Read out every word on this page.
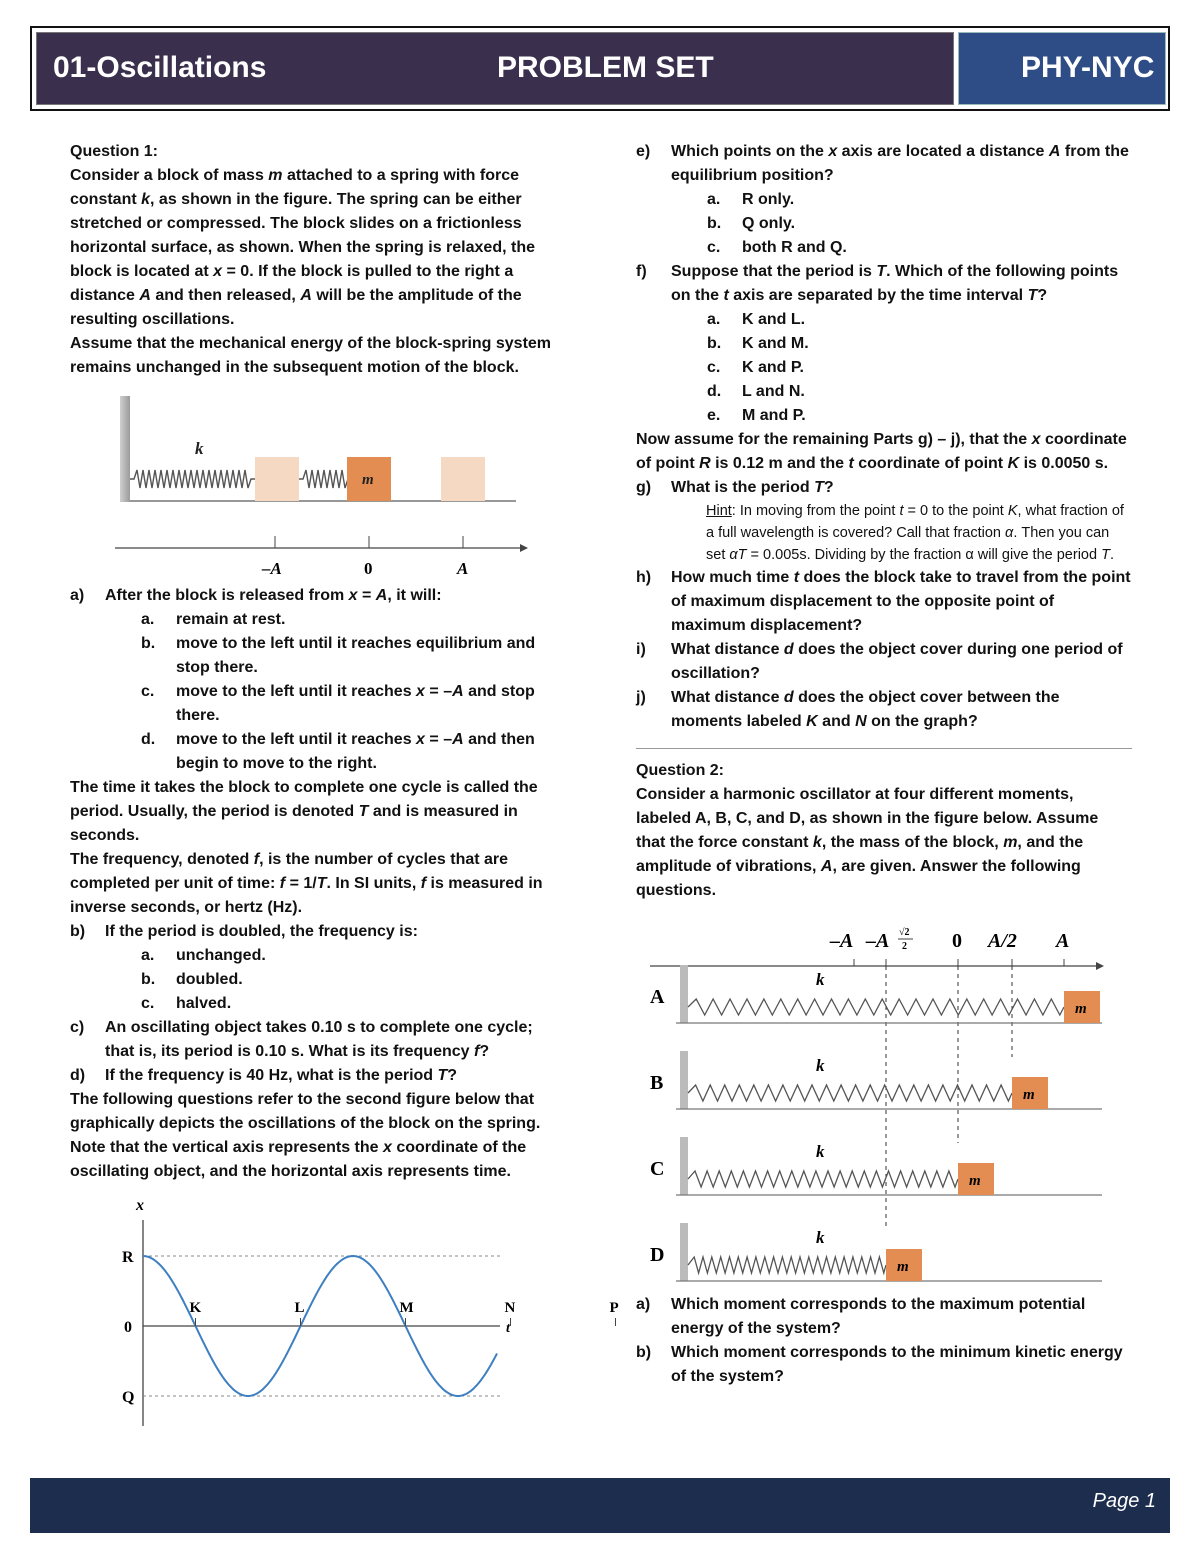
01-Oscillations	PROBLEM SET	PHY-NYC

Question 1:

Consider a block of mass m attached to a spring with force constant k, as shown in the figure. The spring can be either stretched or compressed. The block slides on a frictionless horizontal surface, as shown. When the spring is relaxed, the block is located at x = 0. If the block is pulled to the right a distance A and then released, A will be the amplitude of the resulting oscillations.

Assume that the mechanical energy of the block-spring system remains unchanged in the subsequent motion of the block.

m
k
–A	0	A
a) After the block is released from x = A, it will:
a. remain at rest.
b. move to the left until it reaches equilibrium and stop there.
c. move to the left until it reaches x = –A and stop there.
d. move to the left until it reaches x = –A and then begin to move to the right.

The time it takes the block to complete one cycle is called the period. Usually, the period is denoted T and is measured in seconds.

The frequency, denoted f, is the number of cycles that are completed per unit of time: f = 1/T. In SI units, f is measured in inverse seconds, or hertz (Hz).

b) If the period is doubled, the frequency is:
a. unchanged.
b. doubled.
c. halved.
c) An oscillating object takes 0.10 s to complete one cycle; that is, its period is 0.10 s. What is its frequency f?
d) If the frequency is 40 Hz, what is the period T?

The following questions refer to the second figure below that graphically depicts the oscillations of the block on the spring. Note that the vertical axis represents the x coordinate of the oscillating object, and the horizontal axis represents time.

x
t
R
0
Q
K	L	M	N	P
e) Which points on the x axis are located a distance A from the equilibrium position?
a. R only.
b. Q only.
c. both R and Q.
f) Suppose that the period is T. Which of the following points on the t axis are separated by the time interval T?
a. K and L.
b. K and M.
c. K and P.
d. L and N.
e. M and P.

Now assume for the remaining Parts g) – j), that the x coordinate of point R is 0.12 m and the t coordinate of point K is 0.0050 s.

g) What is the period T?
Hint: In moving from the point t = 0 to the point K, what fraction of a full wavelength is covered? Call that fraction α. Then you can set αT = 0.005s. Dividing by the fraction α will give the period T.
h) How much time t does the block take to travel from the point of maximum displacement to the opposite point of maximum displacement?
i) What distance d does the object cover during one period of oscillation?
j) What distance d does the object cover between the moments labeled K and N on the graph?

Question 2:

Consider a harmonic oscillator at four different moments, labeled A, B, C, and D, as shown in the figure below. Assume that the force constant k, the mass of the block, m, and the amplitude of vibrations, A, are given. Answer the following questions.

–A –A √2
2 0 A/2 A
A
k
m
B
k
m
C
k
m
D
k
m
a) Which moment corresponds to the maximum potential energy of the system?
b) Which moment corresponds to the minimum kinetic energy of the system?
Page 1
